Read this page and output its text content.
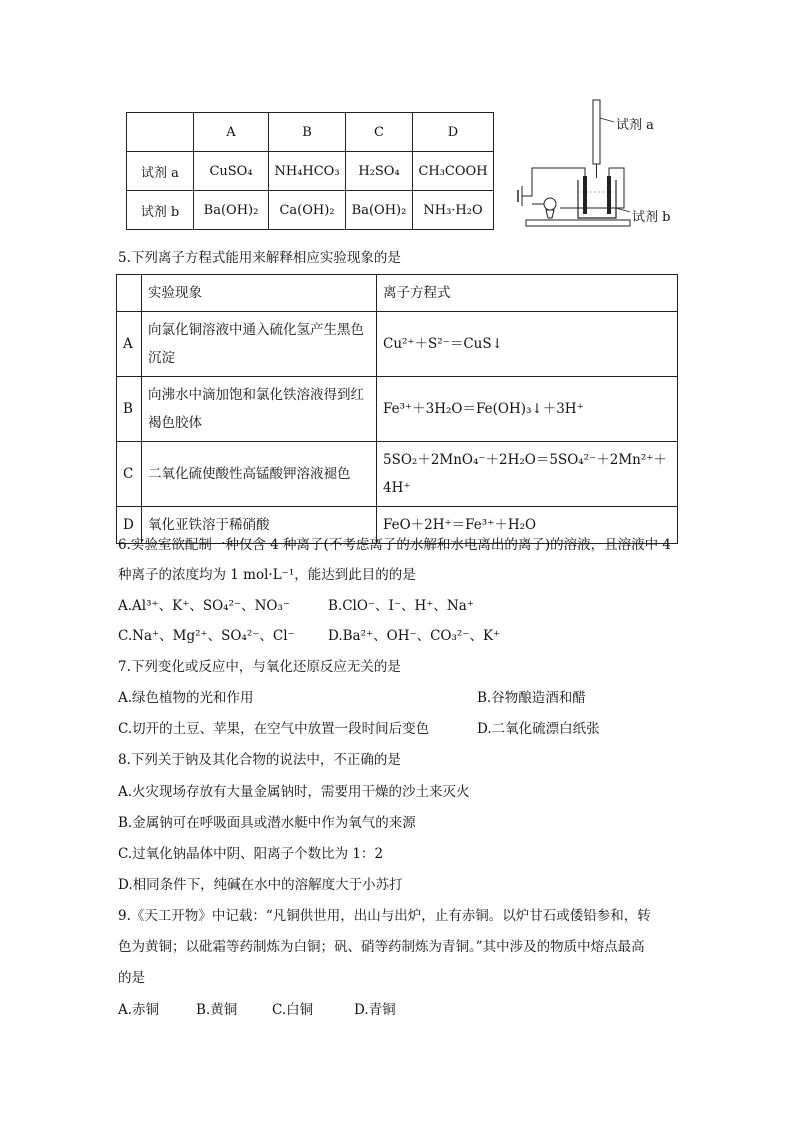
	A	B	C	D
试剂 a	CuSO₄	NH₄HCO₃	H₂SO₄	CH₃COOH
试剂 b	Ba(OH)₂	Ca(OH)₂	Ba(OH)₂	NH₃·H₂O
试剂 a
试剂 b
5.下列离子方程式能用来解释相应实验现象的是
	实验现象	离子方程式
A	向氯化铜溶液中通入硫化氢产生黑色沉淀	Cu²⁺＋S²⁻＝CuS↓
B	向沸水中滴加饱和氯化铁溶液得到红褐色胶体	Fe³⁺＋3H₂O＝Fe(OH)₃↓＋3H⁺
C	二氧化硫使酸性高锰酸钾溶液褪色	5SO₂＋2MnO₄⁻＋2H₂O＝5SO₄²⁻＋2Mn²⁺＋4H⁺
D	氧化亚铁溶于稀硝酸	FeO＋2H⁺＝Fe³⁺＋H₂O
6.实验室欲配制一种仅含 4 种离子(不考虑离子的水解和水电离出的离子)的溶液，且溶液中 4
种离子的浓度均为 1 mol·L⁻¹，能达到此目的的是
A.Al³⁺、K⁺、SO₄²⁻、NO₃⁻	B.ClO⁻、I⁻、H⁺、Na⁺
C.Na⁺、Mg²⁺、SO₄²⁻、Cl⁻ D.Ba²⁺、OH⁻、CO₃²⁻、K⁺
7.下列变化或反应中，与氧化还原反应无关的是
A.绿色植物的光和作用	B.谷物酿造酒和醋
C.切开的土豆、苹果，在空气中放置一段时间后变色	D.二氧化硫漂白纸张
8.下列关于钠及其化合物的说法中，不正确的是
A.火灾现场存放有大量金属钠时，需要用干燥的沙土来灭火
B.金属钠可在呼吸面具或潜水艇中作为氧气的来源
C.过氧化钠晶体中阴、阳离子个数比为 1：2
D.相同条件下，纯碱在水中的溶解度大于小苏打
9.《天工开物》中记载：“凡铜供世用，出山与出炉，止有赤铜。以炉甘石或倭铅参和，转
色为黄铜；以砒霜等药制炼为白铜；矾、硝等药制炼为青铜。”其中涉及的物质中熔点最高
的是
A.赤铜	B.黄铜	C.白铜	D.青铜
